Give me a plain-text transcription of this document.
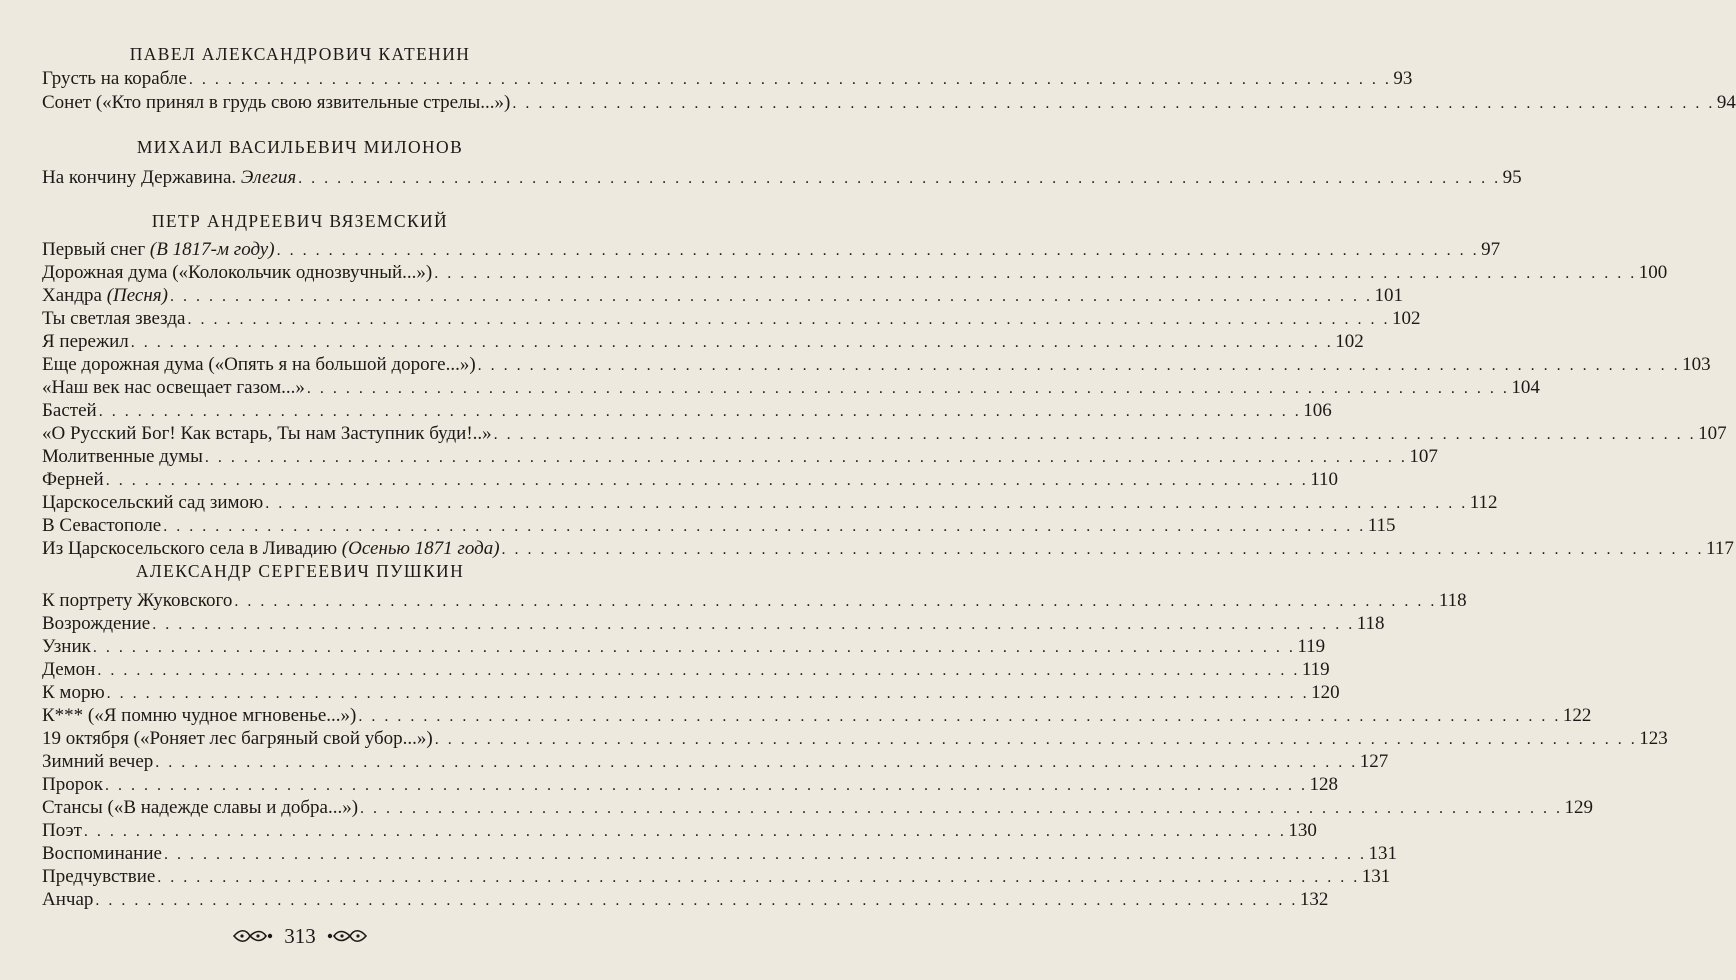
ПАВЕЛ АЛЕКСАНДРОВИЧ КАТЕНИН
Грусть на корабле . . .	93
Сонет («Кто принял в грудь свою язвительные стрелы...») . . .	94
МИХАИЛ ВАСИЛЬЕВИЧ МИЛОНОВ
На кончину Державина. Элегия . . .	95
ПЕТР АНДРЕЕВИЧ ВЯЗЕМСКИЙ
Первый снег (В 1817-м году) . . .	97
Дорожная дума («Колокольчик однозвучный...») . . .	100
Хандра (Песня) . . .	101
Ты светлая звезда . . .	102
Я пережил . . .	102
Еще дорожная дума («Опять я на большой дороге...») . . .	103
«Наш век нас освещает газом...» . . .	104
Бастей . . .	106
«О Русский Бог! Как встарь, Ты нам Заступник буди!..» . . .	107
Молитвенные думы . . .	107
Ферней . . .	110
Царскосельский сад зимою . . .	112
В Севастополе . . .	115
Из Царскосельского села в Ливадию (Осенью 1871 года) . . .	117
АЛЕКСАНДР СЕРГЕЕВИЧ ПУШКИН
К портрету Жуковского . . .	118
Возрождение . . .	118
Узник . . .	119
Демон . . .	119
К морю . . .	120
К*** («Я помню чудное мгновенье...») . . .	122
19 октября («Роняет лес багряный свой убор...») . . .	123
Зимний вечер . . .	127
Пророк . . .	128
Стансы («В надежде славы и добра...») . . .	129
Поэт . . .	130
Воспоминание . . .	131
Предчувствие . . .	131
Анчар . . .	132
313
